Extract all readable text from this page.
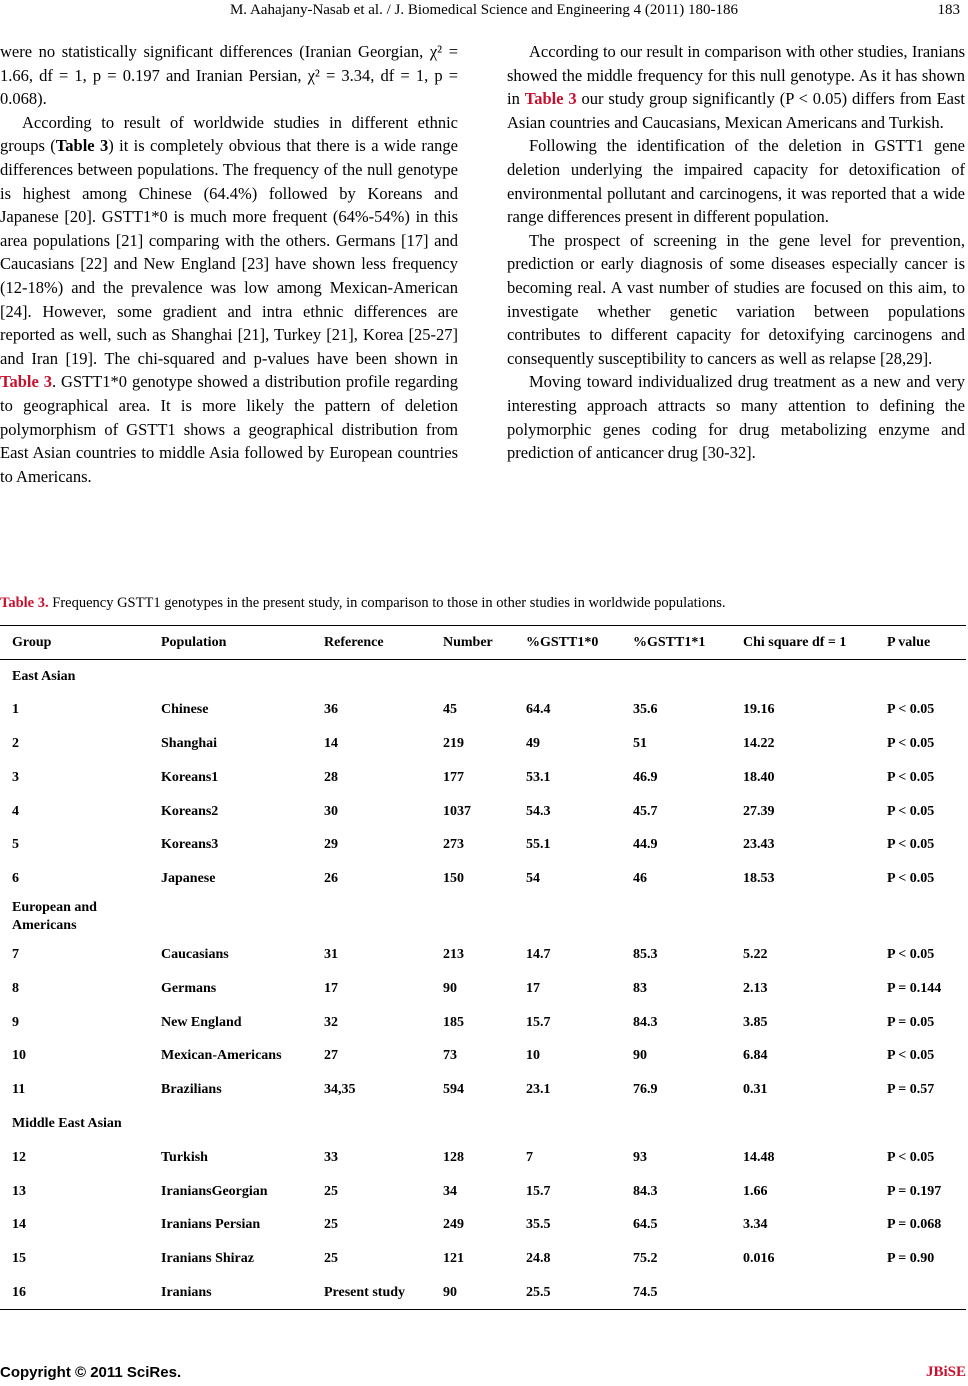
M. Aahajany-Nasab et al. / J. Biomedical Science and Engineering 4 (2011) 180-186	183

were no statistically significant differences (Iranian Georgian, χ² = 1.66, df = 1, p = 0.197 and Iranian Persian, χ² = 3.34, df = 1, p = 0.068).

According to result of worldwide studies in different ethnic groups (Table 3) it is completely obvious that there is a wide range differences between populations. The frequency of the null genotype is highest among Chinese (64.4%) followed by Koreans and Japanese [20]. GSTT1*0 is much more frequent (64%-54%) in this area populations [21] comparing with the others. Germans [17] and Caucasians [22] and New England [23] have shown less frequency (12-18%) and the prevalence was low among Mexican-American [24]. However, some gradient and intra ethnic differences are reported as well, such as Shanghai [21], Turkey [21], Korea [25-27] and Iran [19]. The chi-squared and p-values have been shown in Table 3. GSTT1*0 genotype showed a distribution profile regarding to geographical area. It is more likely the pattern of deletion polymorphism of GSTT1 shows a geographical distribution from East Asian countries to middle Asia followed by European countries to Americans.

According to our result in comparison with other studies, Iranians showed the middle frequency for this null genotype. As it has shown in Table 3 our study group significantly (P < 0.05) differs from East Asian countries and Caucasians, Mexican Americans and Turkish.

Following the identification of the deletion in GSTT1 gene deletion underlying the impaired capacity for detoxification of environmental pollutant and carcinogens, it was reported that a wide range differences present in different population.

The prospect of screening in the gene level for prevention, prediction or early diagnosis of some diseases especially cancer is becoming real. A vast number of studies are focused on this aim, to investigate whether genetic variation between populations contributes to different capacity for detoxifying carcinogens and consequently susceptibility to cancers as well as relapse [28,29].

Moving toward individualized drug treatment as a new and very interesting approach attracts so many attention to defining the polymorphic genes coding for drug metabolizing enzyme and prediction of anticancer drug [30-32].

Table 3. Frequency GSTT1 genotypes in the present study, in comparison to those in other studies in worldwide populations.
Group	Population	Reference	Number	%GSTT1*0	%GSTT1*1	Chi square df = 1	P value

East Asian							

1	Chinese	36	45	64.4	35.6	19.16	P < 0.05
2	Shanghai	14	219	49	51	14.22	P < 0.05
3	Koreans1	28	177	53.1	46.9	18.40	P < 0.05
4	Koreans2	30	1037	54.3	45.7	27.39	P < 0.05
5	Koreans3	29	273	55.1	44.9	23.43	P < 0.05
6	Japanese	26	150	54	46	18.53	P < 0.05

European and Americans							

7	Caucasians	31	213	14.7	85.3	5.22	P < 0.05
8	Germans	17	90	17	83	2.13	P = 0.144
9	New England	32	185	15.7	84.3	3.85	P = 0.05
10	Mexican-Americans	27	73	10	90	6.84	P < 0.05
11	Brazilians	34,35	594	23.1	76.9	0.31	P = 0.57

Middle East Asian							

12	Turkish	33	128	7	93	14.48	P < 0.05
13	IraniansGeorgian	25	34	15.7	84.3	1.66	P = 0.197
14	Iranians Persian	25	249	35.5	64.5	3.34	P = 0.068
15	Iranians Shiraz	25	121	24.8	75.2	0.016	P = 0.90
16	Iranians	Present study	90	25.5	74.5		
Copyright © 2011 SciRes.	JBiSE
